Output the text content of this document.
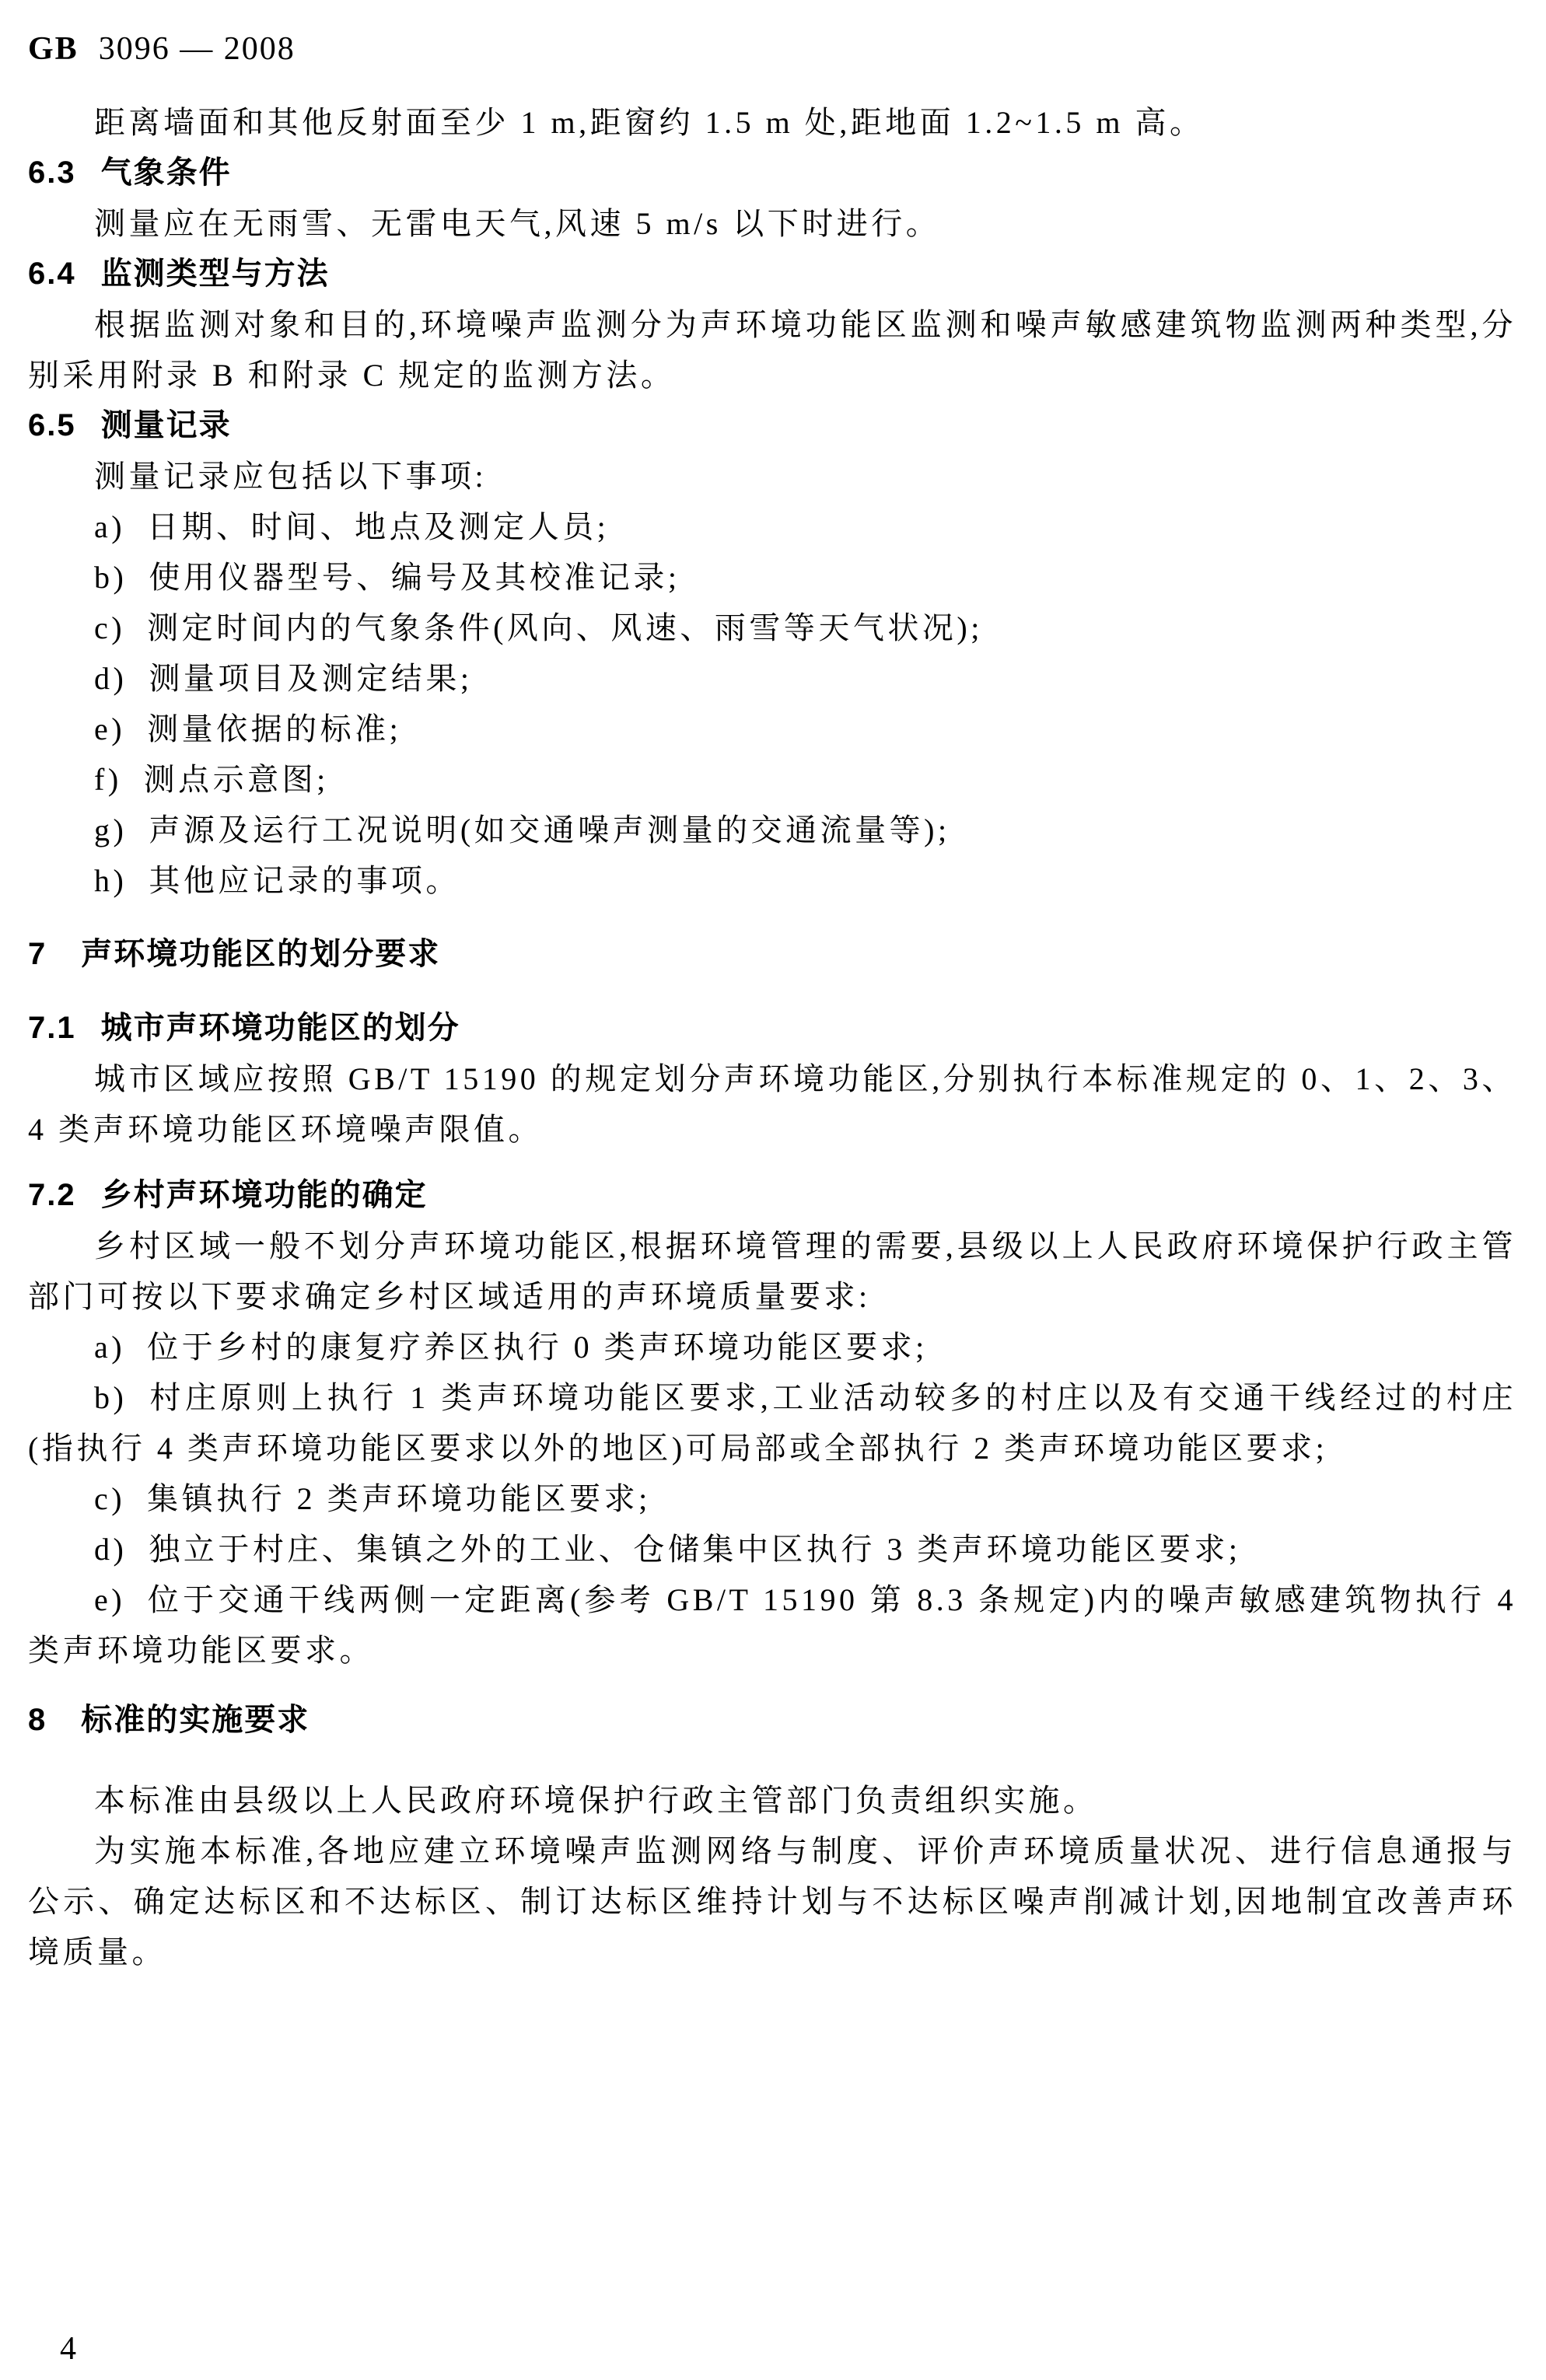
GB 3096 — 2008

距离墙面和其他反射面至少 1 m,距窗约 1.5 m 处,距地面 1.2~1.5 m 高。

6.3 气象条件

测量应在无雨雪、无雷电天气,风速 5 m/s 以下时进行。

6.4 监测类型与方法

根据监测对象和目的,环境噪声监测分为声环境功能区监测和噪声敏感建筑物监测两种类型,分别采用附录 B 和附录 C 规定的监测方法。

6.5 测量记录

测量记录应包括以下事项:

a) 日期、时间、地点及测定人员;

b) 使用仪器型号、编号及其校准记录;

c) 测定时间内的气象条件(风向、风速、雨雪等天气状况);

d) 测量项目及测定结果;

e) 测量依据的标准;

f) 测点示意图;

g) 声源及运行工况说明(如交通噪声测量的交通流量等);

h) 其他应记录的事项。

7 声环境功能区的划分要求
7.1 城市声环境功能区的划分

城市区域应按照 GB/T 15190 的规定划分声环境功能区,分别执行本标准规定的 0、1、2、3、4 类声环境功能区环境噪声限值。

7.2 乡村声环境功能的确定

乡村区域一般不划分声环境功能区,根据环境管理的需要,县级以上人民政府环境保护行政主管部门可按以下要求确定乡村区域适用的声环境质量要求:

a) 位于乡村的康复疗养区执行 0 类声环境功能区要求;

b) 村庄原则上执行 1 类声环境功能区要求,工业活动较多的村庄以及有交通干线经过的村庄(指执行 4 类声环境功能区要求以外的地区)可局部或全部执行 2 类声环境功能区要求;

c) 集镇执行 2 类声环境功能区要求;

d) 独立于村庄、集镇之外的工业、仓储集中区执行 3 类声环境功能区要求;

e) 位于交通干线两侧一定距离(参考 GB/T 15190 第 8.3 条规定)内的噪声敏感建筑物执行 4 类声环境功能区要求。

8 标准的实施要求

本标准由县级以上人民政府环境保护行政主管部门负责组织实施。

为实施本标准,各地应建立环境噪声监测网络与制度、评价声环境质量状况、进行信息通报与公示、确定达标区和不达标区、制订达标区维持计划与不达标区噪声削减计划,因地制宜改善声环境质量。

4
